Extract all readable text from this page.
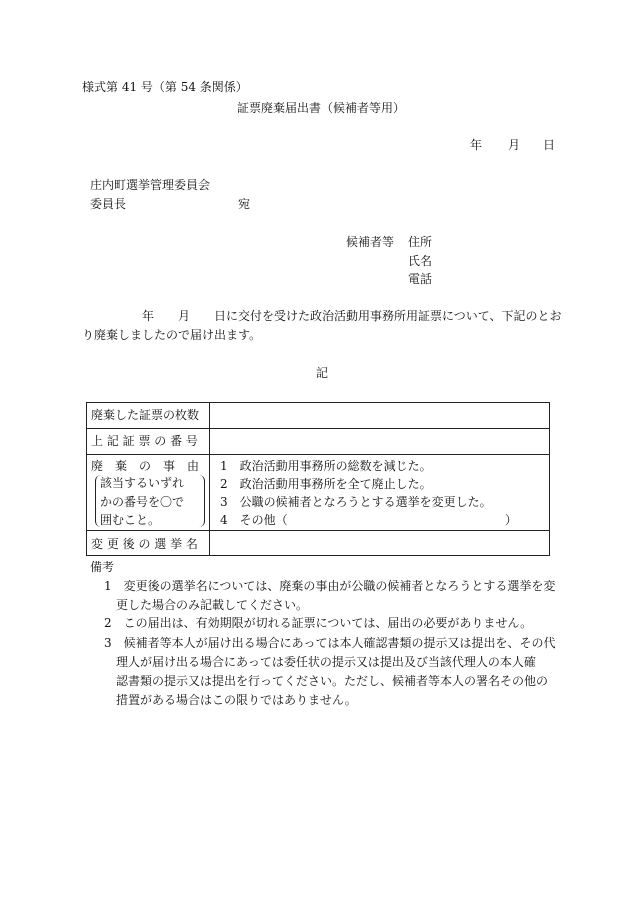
様式第 41 号（第 54 条関係）
証票廃棄届出書（候補者等用）
年 月 日
庄内町選挙管理委員会
委員長	宛
候補者等 住所
氏名
電話
年 月 日に交付を受けた政治活動用事務所用証票について、下記のとお
り廃棄しましたので届け出ます。
記
廃棄した証票の枚数
上 記 証 票 の 番 号
廃　棄　の　事　由
該当するいずれ
かの番号を〇で
囲むこと。
1　政治活動用事務所の総数を減じた。
2　政治活動用事務所を全て廃止した。
3　公職の候補者となろうとする選挙を変更した。
4　その他（	）
変 更 後 の 選 挙 名
備考
1　変更後の選挙名については、廃棄の事由が公職の候補者となろうとする選挙を変
更した場合のみ記載してください。
2　この届出は、有効期限が切れる証票については、届出の必要がありません。
3　候補者等本人が届け出る場合にあっては本人確認書類の提示又は提出を、その代
理人が届け出る場合にあっては委任状の提示又は提出及び当該代理人の本人確
認書類の提示又は提出を行ってください。ただし、候補者等本人の署名その他の
措置がある場合はこの限りではありません。
